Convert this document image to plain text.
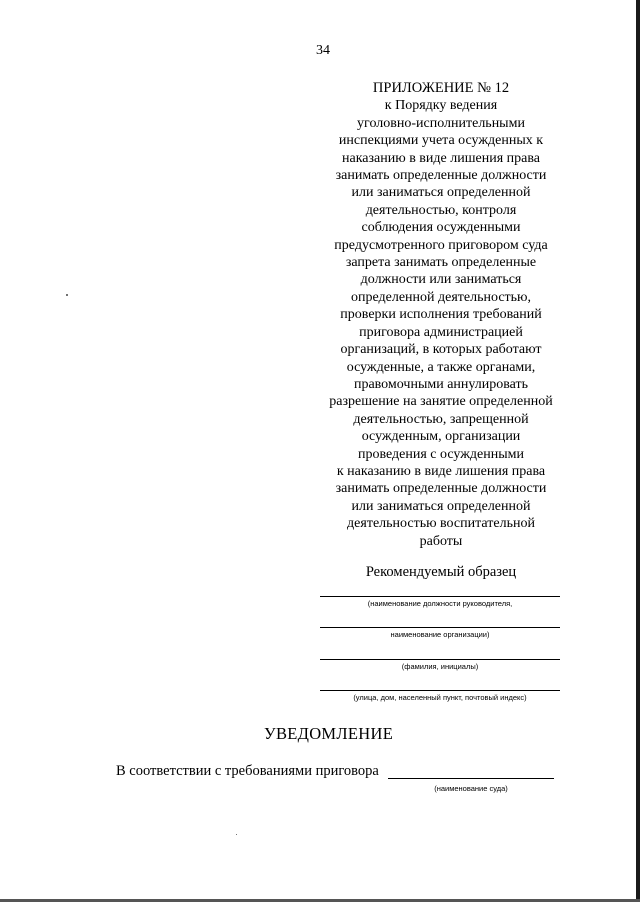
34
ПРИЛОЖЕНИЕ № 12
к Порядку ведения
уголовно-исполнительными
инспекциями учета осужденных к
наказанию в виде лишения права
занимать определенные должности
или заниматься определенной
деятельностью, контроля
соблюдения осужденными
предусмотренного приговором суда
запрета занимать определенные
должности или заниматься
определенной деятельностью,
проверки исполнения требований
приговора администрацией
организаций, в которых работают
осужденные, а также органами,
правомочными аннулировать
разрешение на занятие определенной
деятельностью, запрещенной
осужденным, организации
проведения с осужденными
к наказанию в виде лишения права
занимать определенные должности
или заниматься определенной
деятельностью воспитательной
работы
Рекомендуемый образец
(наименование должности руководителя,
наименование организации)
(фамилия, инициалы)
(улица, дом, населенный пункт, почтовый индекс)
УВЕДОМЛЕНИЕ
В соответствии с требованиями приговора
(наименование суда)
